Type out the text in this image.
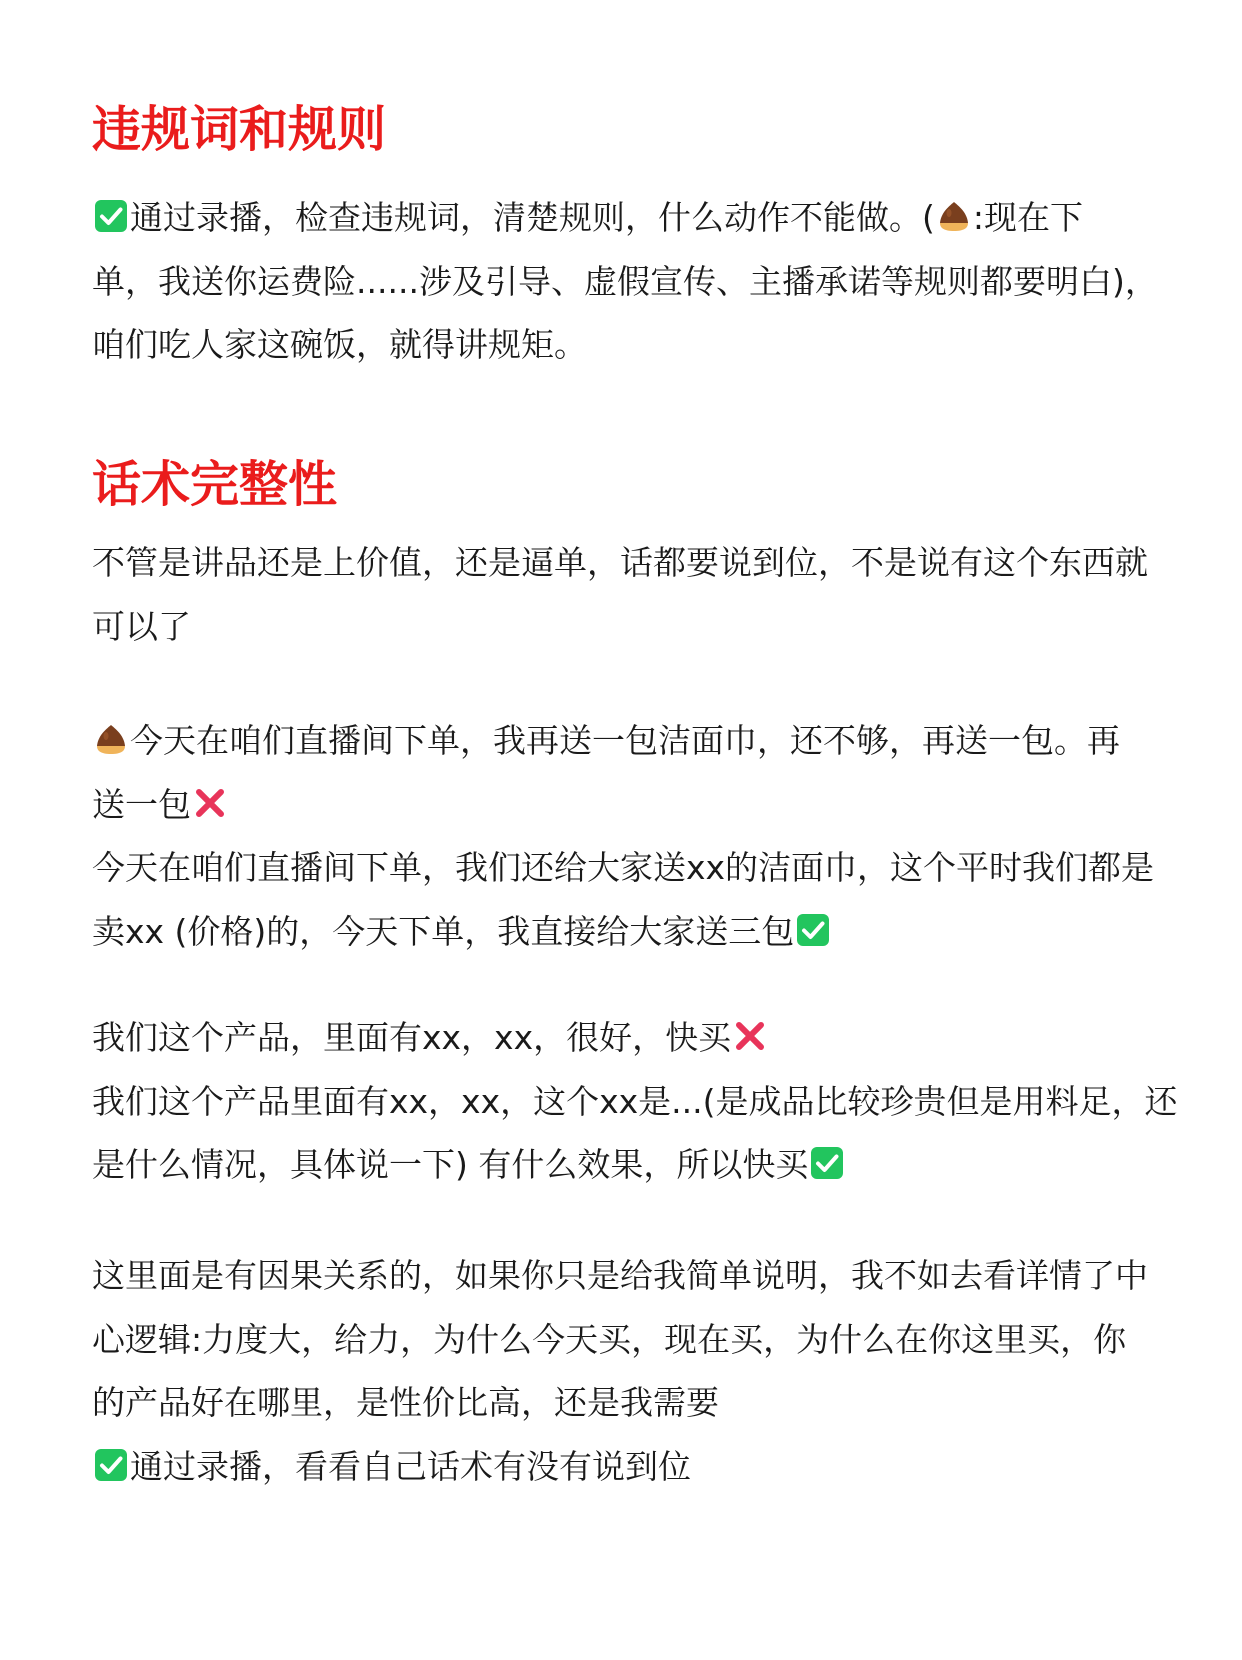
违规词和规则
通过录播，检查违规词，清楚规则，什么动作不能做。( :现在下
单，我送你运费险......涉及引导、虚假宣传、主播承诺等规则都要明白)，
咱们吃人家这碗饭，就得讲规矩。
话术完整性
不管是讲品还是上价值，还是逼单，话都要说到位，不是说有这个东西就
可以了
今天在咱们直播间下单，我再送一包洁面巾，还不够，再送一包。再
送一包
今天在咱们直播间下单，我们还给大家送xx的洁面巾，这个平时我们都是
卖xx (价格)的，今天下单，我直接给大家送三包
我们这个产品，里面有xx，xx，很好，快买
我们这个产品里面有xx，xx，这个xx是...(是成品比较珍贵但是用料足，还
是什么情况，具体说一下) 有什么效果，所以快买
这里面是有因果关系的，如果你只是给我简单说明，我不如去看详情了中
心逻辑:力度大，给力，为什么今天买，现在买，为什么在你这里买，你
的产品好在哪里，是性价比高，还是我需要
通过录播，看看自己话术有没有说到位
